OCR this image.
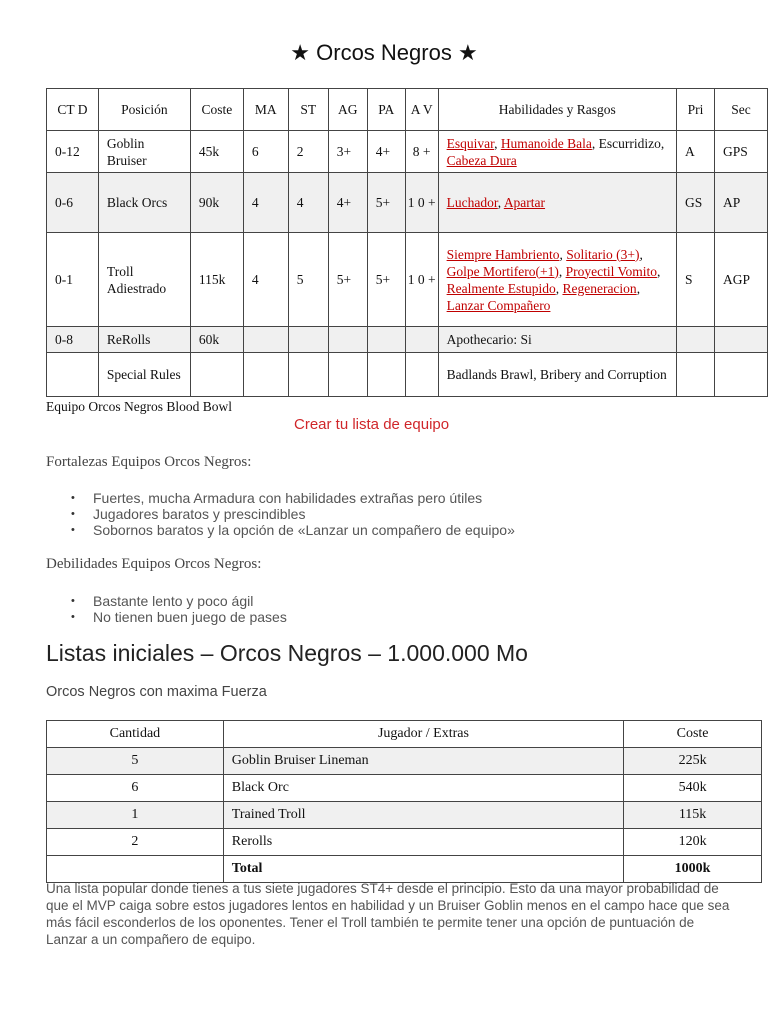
★ Orcos Negros ★
CT D	Posición	Coste	MA	ST	AG	PA	A V	Habilidades y Rasgos	Pri	Sec
0-12	Goblin Bruiser	45k	6	2	3+	4+	8 +	Esquivar, Humanoide Bala, Escurridizo, Cabeza Dura	A	GPS
0-6	Black Orcs	90k	4	4	4+	5+	1 0 +	Luchador, Apartar	GS	AP
0-1	Troll Adiestrado	115k	4	5	5+	5+	1 0 +	Siempre Hambriento, Solitario (3+), Golpe Mortifero(+1), Proyectil Vomito, Realmente Estupido, Regeneracion, Lanzar Compañero	S	AGP
0-8	ReRolls	60k						Apothecario: Si		
	Special Rules							Badlands Brawl, Bribery and Corruption		
Equipo Orcos Negros Blood Bowl
Crear tu lista de equipo
Fortalezas Equipos Orcos Negros:
• Fuertes, mucha Armadura con habilidades extrañas pero útiles
• Jugadores baratos y prescindibles
• Sobornos baratos y la opción de «Lanzar un compañero de equipo»
Debilidades Equipos Orcos Negros:
• Bastante lento y poco ágil
• No tienen buen juego de pases
Listas iniciales – Orcos Negros – 1.000.000 Mo
Orcos Negros con maxima Fuerza
Cantidad	Jugador / Extras	Coste
5	Goblin Bruiser Lineman	225k
6	Black Orc	540k
1	Trained Troll	115k
2	Rerolls	120k
	Total	1000k
Una lista popular donde tienes a tus siete jugadores ST4+ desde el principio. Esto da una mayor probabilidad de que el MVP caiga sobre estos jugadores lentos en habilidad y un Bruiser Goblin menos en el campo hace que sea más fácil esconderlos de los oponentes. Tener el Troll también te permite tener una opción de puntuación de Lanzar a un compañero de equipo.
